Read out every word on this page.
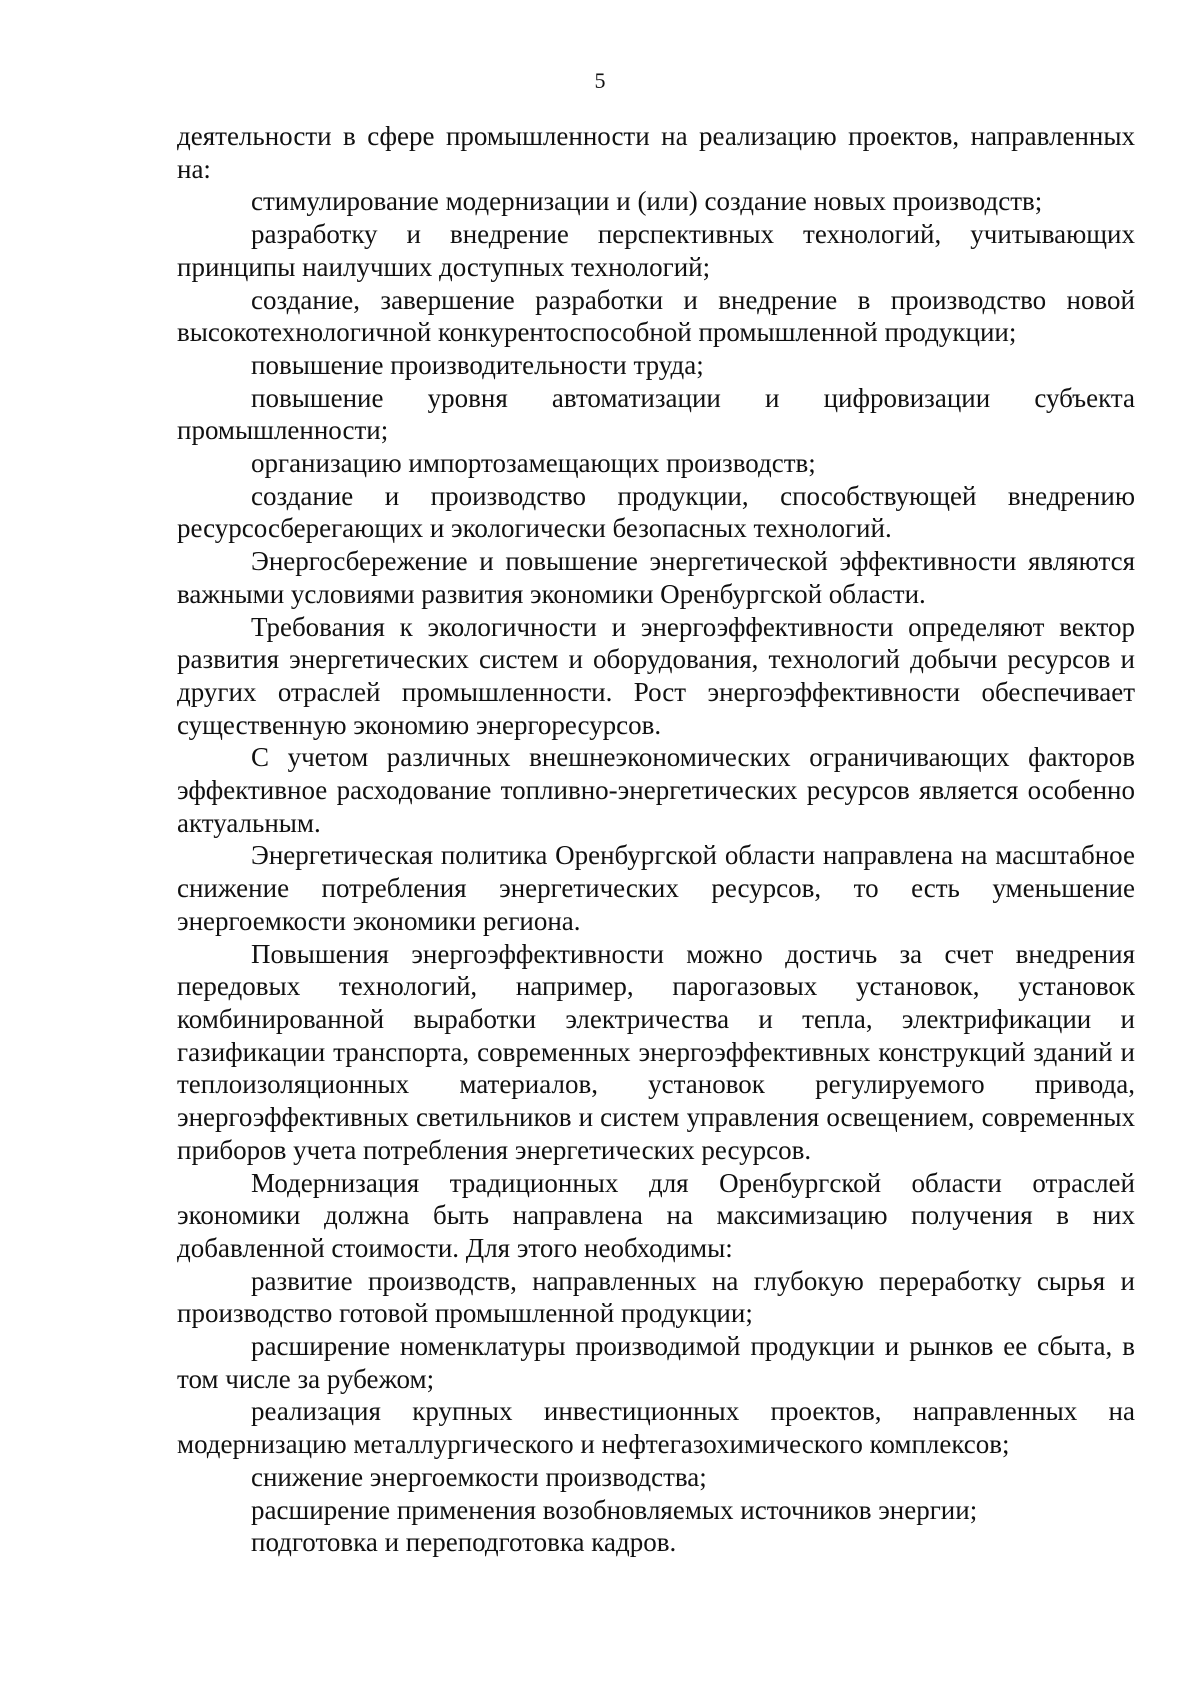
5

деятельности в сфере промышленности на реализацию проектов, направленных на:

стимулирование модернизации и (или) создание новых производств;

разработку и внедрение перспективных технологий, учитывающих принципы наилучших доступных технологий;

создание, завершение разработки и внедрение в производство новой высокотехнологичной конкурентоспособной промышленной продукции;

повышение производительности труда;

повышение уровня автоматизации и цифровизации субъекта промышленности;

организацию импортозамещающих производств;

создание и производство продукции, способствующей внедрению ресурсосберегающих и экологически безопасных технологий.

Энергосбережение и повышение энергетической эффективности являются важными условиями развития экономики Оренбургской области.

Требования к экологичности и энергоэффективности определяют вектор развития энергетических систем и оборудования, технологий добычи ресурсов и других отраслей промышленности. Рост энергоэффективности обеспечивает существенную экономию энергоресурсов.

С учетом различных внешнеэкономических ограничивающих факторов эффективное расходование топливно-энергетических ресурсов является особенно актуальным.

Энергетическая политика Оренбургской области направлена на масштабное снижение потребления энергетических ресурсов, то есть уменьшение энергоемкости экономики региона.

Повышения энергоэффективности можно достичь за счет внедрения передовых технологий, например, парогазовых установок, установок комбинированной выработки электричества и тепла, электрификации и газификации транспорта, современных энергоэффективных конструкций зданий и теплоизоляционных материалов, установок регулируемого привода, энергоэффективных светильников и систем управления освещением, современных приборов учета потребления энергетических ресурсов.

Модернизация традиционных для Оренбургской области отраслей экономики должна быть направлена на максимизацию получения в них добавленной стоимости. Для этого необходимы:

развитие производств, направленных на глубокую переработку сырья и производство готовой промышленной продукции;

расширение номенклатуры производимой продукции и рынков ее сбыта, в том числе за рубежом;

реализация крупных инвестиционных проектов, направленных на модернизацию металлургического и нефтегазохимического комплексов;

снижение энергоемкости производства;

расширение применения возобновляемых источников энергии;

подготовка и переподготовка кадров.
